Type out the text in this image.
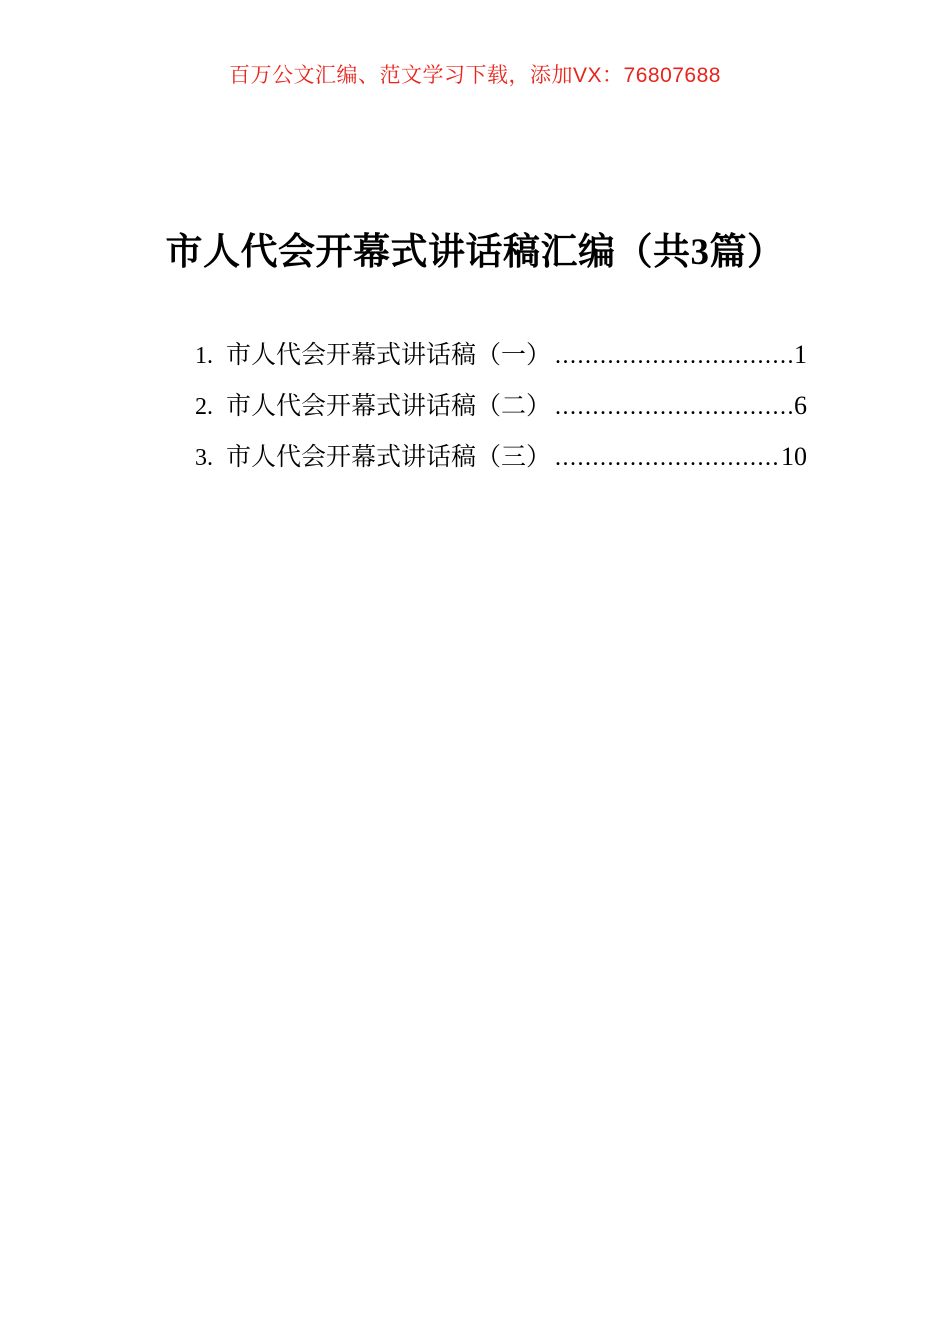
百万公文汇编、范文学习下载，添加VX：76807688
市人代会开幕式讲话稿汇编（共3篇）
1. 市人代会开幕式讲话稿（一） .....	1
2. 市人代会开幕式讲话稿（二） .....	6
3. 市人代会开幕式讲话稿（三） .....	10
